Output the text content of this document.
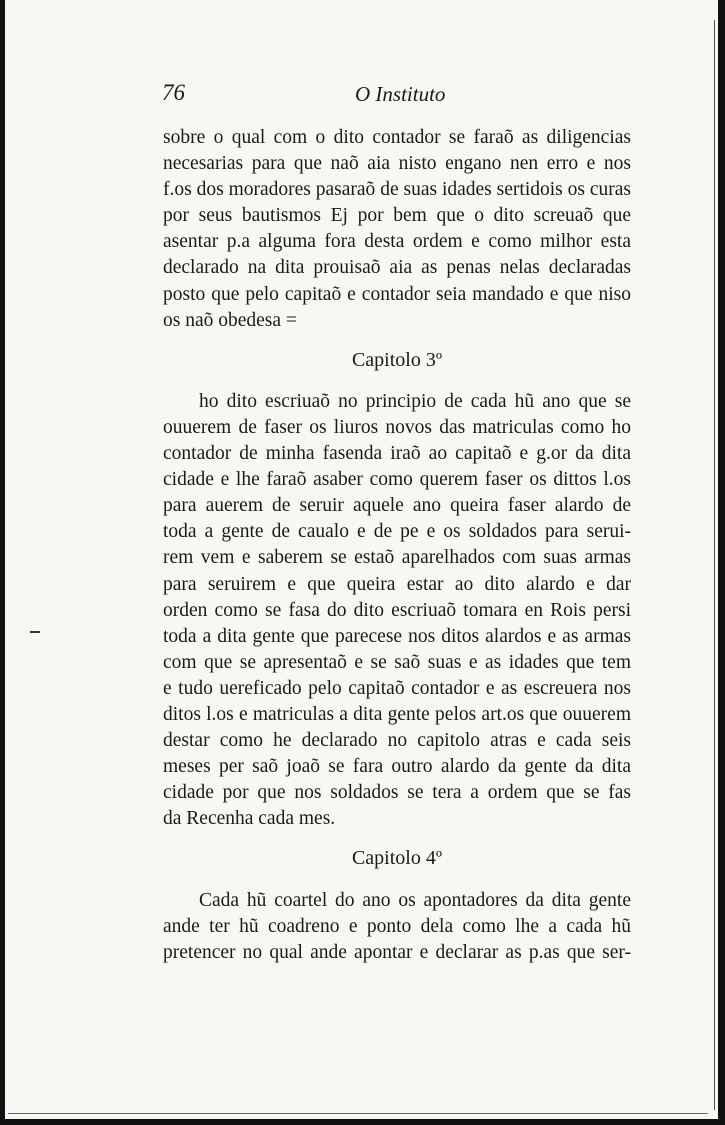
76	O Instituto
sobre o qual com o dito contador se faraõ as diligencias
necesarias para que naõ aia nisto engano nen erro e nos
f.os dos moradores pasaraõ de suas idades sertidois os curas
por seus bautismos Ej por bem que o dito screuaõ que
asentar p.a alguma fora desta ordem e como milhor esta
declarado na dita prouisaõ aia as penas nelas declaradas
posto que pelo capitaõ e contador seia mandado e que niso
os naõ obedesa =
Capitolo 3º
ho dito escriuaõ no principio de cada hũ ano que se
ouuerem de faser os liuros novos das matriculas como ho
contador de minha fasenda iraõ ao capitaõ e g.or da dita
cidade e lhe faraõ asaber como querem faser os dittos l.os
para auerem de seruir aquele ano queira faser alardo de
toda a gente de caualo e de pe e os soldados para serui-
rem vem e saberem se estaõ aparelhados com suas armas
para seruirem e que queira estar ao dito alardo e dar
orden como se fasa do dito escriuaõ tomara en Rois persi
toda a dita gente que parecese nos ditos alardos e as armas
com que se apresentaõ e se saõ suas e as idades que tem
e tudo uereficado pelo capitaõ contador e as escreuera nos
ditos l.os e matriculas a dita gente pelos art.os que ouuerem
destar como he declarado no capitolo atras e cada seis
meses per saõ joaõ se fara outro alardo da gente da dita
cidade por que nos soldados se tera a ordem que se fas
da Recenha cada mes.
Capitolo 4º
Cada hũ coartel do ano os apontadores da dita gente
ande ter hũ coadreno e ponto dela como lhe a cada hũ
pretencer no qual ande apontar e declarar as p.as que ser-
